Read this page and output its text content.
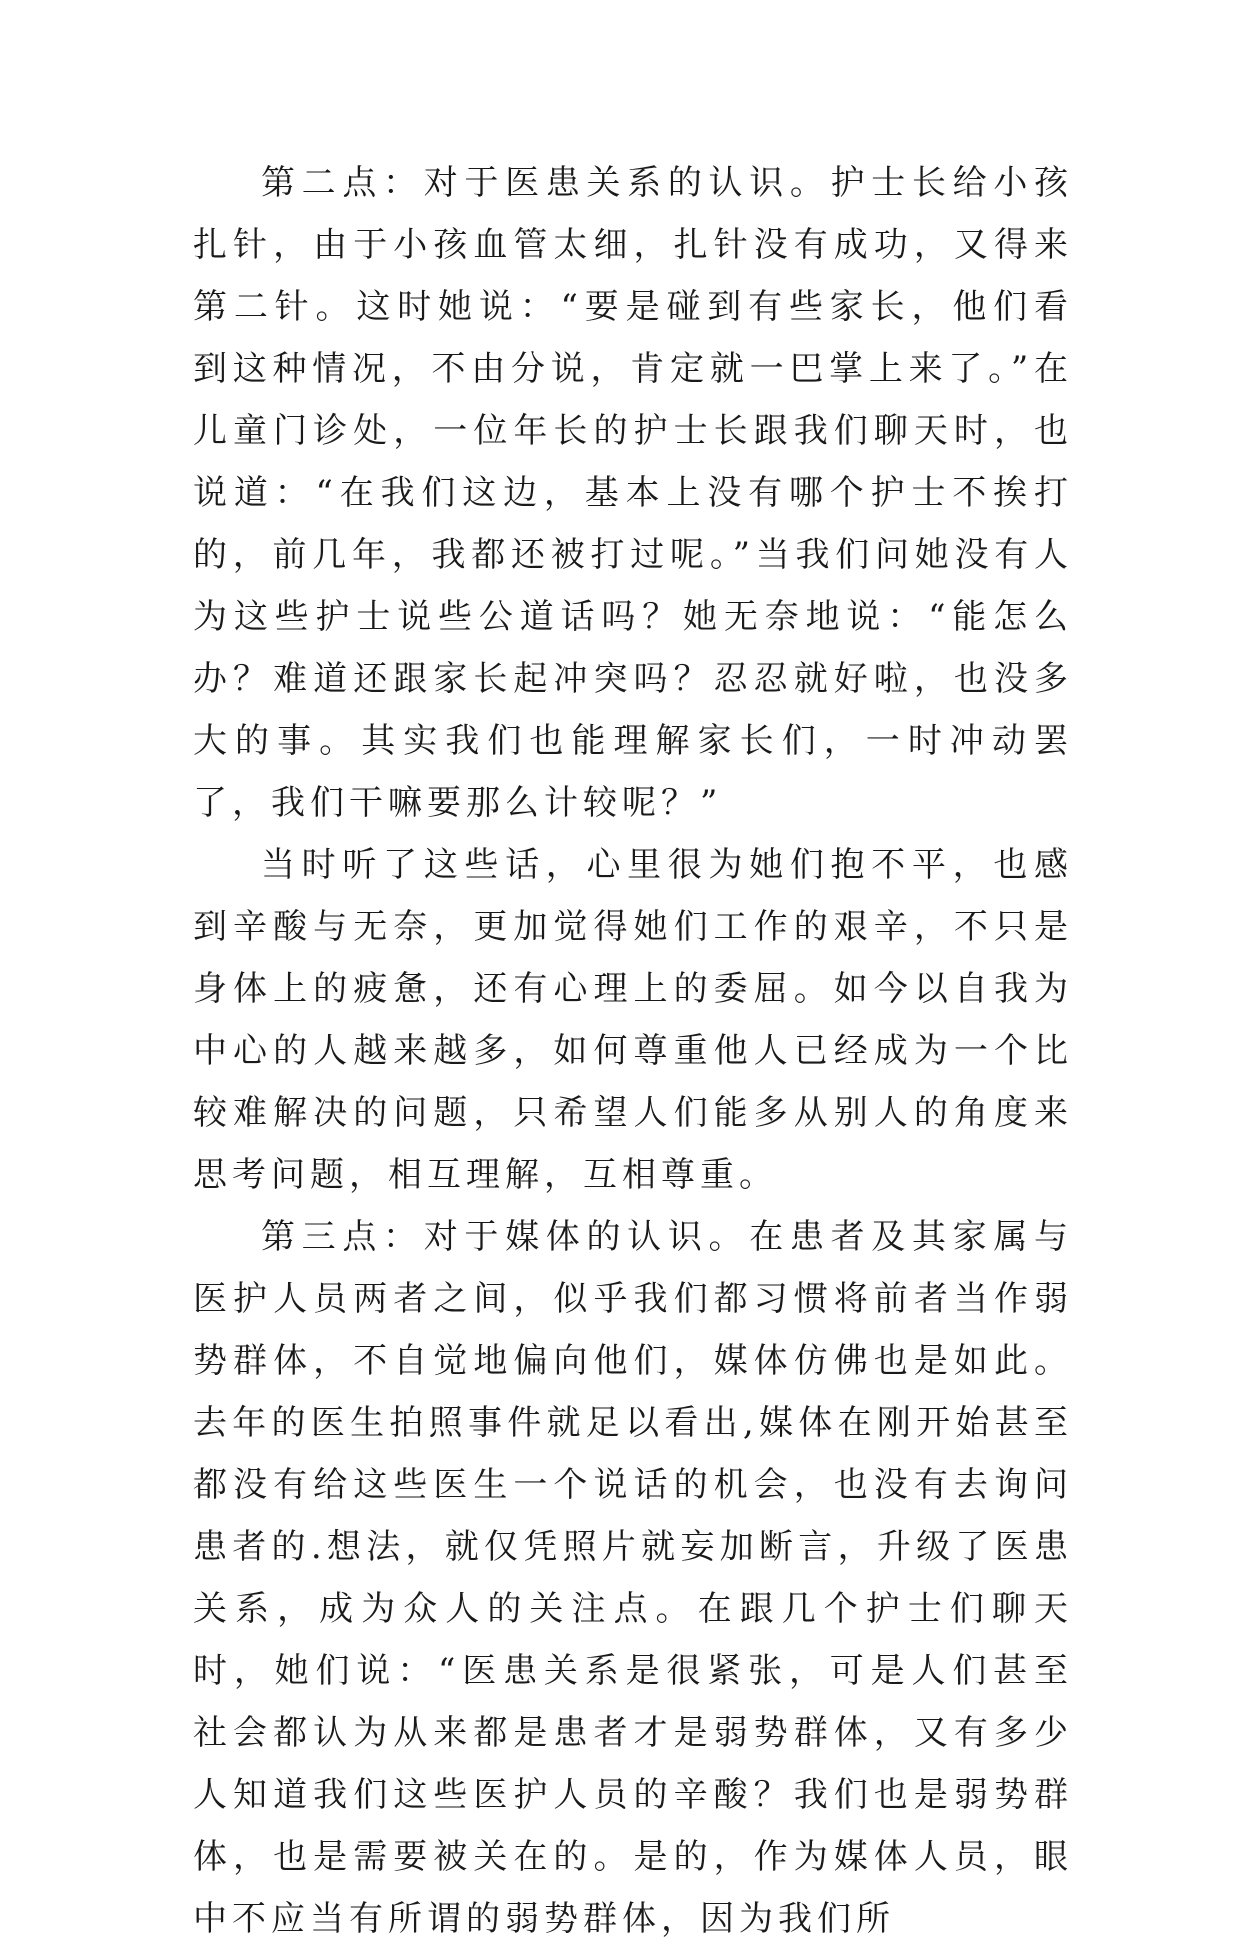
第二点：对于医患关系的认识。护士长给小孩扎针，由于小孩血管太细，扎针没有成功，又得来第二针。这时她说：“要是碰到有些家长，他们看到这种情况，不由分说，肯定就一巴掌上来了。”在儿童门诊处，一位年长的护士长跟我们聊天时，也说道：“在我们这边，基本上没有哪个护士不挨打的，前几年，我都还被打过呢。”当我们问她没有人为这些护士说些公道话吗？她无奈地说：“能怎么办？难道还跟家长起冲突吗？忍忍就好啦，也没多大的事。其实我们也能理解家长们，一时冲动罢了，我们干嘛要那么计较呢？”

当时听了这些话，心里很为她们抱不平，也感到辛酸与无奈，更加觉得她们工作的艰辛，不只是身体上的疲惫，还有心理上的委屈。如今以自我为中心的人越来越多，如何尊重他人已经成为一个比较难解决的问题，只希望人们能多从别人的角度来思考问题，相互理解，互相尊重。

第三点：对于媒体的认识。在患者及其家属与医护人员两者之间，似乎我们都习惯将前者当作弱势群体，不自觉地偏向他们，媒体仿佛也是如此。去年的医生拍照事件就足以看出,媒体在刚开始甚至都没有给这些医生一个说话的机会，也没有去询问患者的.想法，就仅凭照片就妄加断言，升级了医患关系，成为众人的关注点。在跟几个护士们聊天时，她们说：“医患关系是很紧张，可是人们甚至社会都认为从来都是患者才是弱势群体，又有多少人知道我们这些医护人员的辛酸？我们也是弱势群体，也是需要被关在的。是的，作为媒体人员，眼中不应当有所谓的弱势群体，因为我们所
